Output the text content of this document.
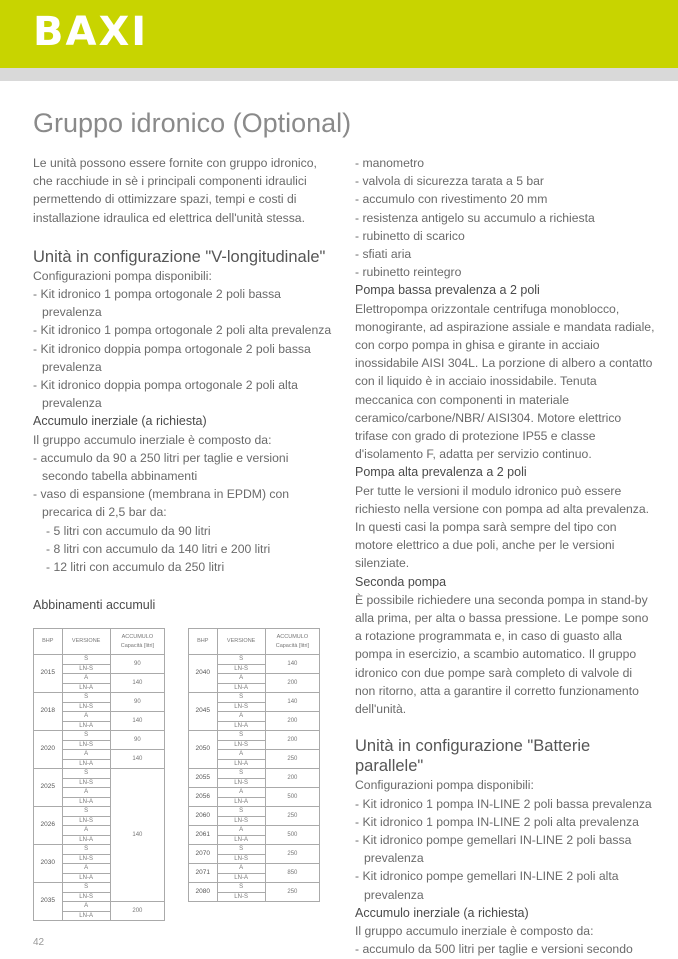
BAXI
Gruppo idronico (Optional)

Le unità possono essere fornite con gruppo idronico, che racchiude in sè i principali componenti idraulici permettendo di ottimizzare spazi, tempi e costi di installazione idraulica ed elettrica dell'unità stessa.

Unità in configurazione "V-longitudinale"

Configurazioni pompa disponibili:

- Kit idronico 1 pompa ortogonale 2 poli bassa prevalenza

- Kit idronico 1 pompa ortogonale 2 poli alta prevalenza

- Kit idronico doppia pompa ortogonale 2 poli bassa prevalenza

- Kit idronico doppia pompa ortogonale 2 poli alta prevalenza

Accumulo inerziale (a richiesta)

Il gruppo accumulo inerziale è composto da:

- accumulo da 90 a 250 litri per taglie e versioni secondo tabella abbinamenti

- vaso di espansione (membrana in EPDM) con precarica di 2,5 bar da:

- 5 litri con accumulo da 90 litri

- 8 litri con accumulo da 140 litri e 200 litri

- 12 litri con accumulo da 250 litri

Abbinamenti accumuli

BHP	VERSIONE	ACCUMULO Capacità [litri]
2015	S	90
	LN-S	
	A	140
	LN-A	
2018	S	90
	LN-S	
	A	140
	LN-A	
2020	S	90
	LN-S	
	A	140
	LN-A	
2025	S	140
	LN-S	
	A	
	LN-A	
2026	S	
	LN-S	
	A	
	LN-A	
2030	S	
	LN-S	
	A	
	LN-A	
2035	S	
	LN-S	
	A	200
	LN-A	
BHP	VERSIONE	ACCUMULO Capacità [litri]
2040	S	140
	LN-S	
	A	200
	LN-A	
2045	S	140
	LN-S	
	A	200
	LN-A	
2050	S	200
	LN-S	
	A	250
	LN-A	
2055	S	200
	LN-S	
2056	A	500
	LN-A	
2060	S	250
	LN-S	
2061	A	500
	LN-A	
2070	S	250
	LN-S	
2071	A	850
	LN-A	
2080	S	250
	LN-S	

- manometro

- valvola di sicurezza tarata a 5 bar

- accumulo con rivestimento 20 mm

- resistenza antigelo su accumulo a richiesta

- rubinetto di scarico

- sfiati aria

- rubinetto reintegro

Pompa bassa prevalenza a 2 poli

Elettropompa orizzontale centrifuga monoblocco, monogirante, ad aspirazione assiale e mandata radiale, con corpo pompa in ghisa e girante in acciaio inossidabile AISI 304L. La porzione di albero a contatto con il liquido è in acciaio inossidabile. Tenuta meccanica con componenti in materiale ceramico/carbone/NBR/ AISI304. Motore elettrico trifase con grado di protezione IP55 e classe d'isolamento F, adatta per servizio continuo.

Pompa alta prevalenza a 2 poli

Per tutte le versioni il modulo idronico può essere richiesto nella versione con pompa ad alta prevalenza. In questi casi la pompa sarà sempre del tipo con motore elettrico a due poli, anche per le versioni silenziate.

Seconda pompa

È possibile richiedere una seconda pompa in stand-by alla prima, per alta o bassa pressione. Le pompe sono a rotazione programmata e, in caso di guasto alla pompa in esercizio, a scambio automatico. Il gruppo idronico con due pompe sarà completo di valvole di non ritorno, atta a garantire il corretto funzionamento dell'unità.

Unità in configurazione "Batterie parallele"

Configurazioni pompa disponibili:

- Kit idronico 1 pompa IN-LINE 2 poli bassa prevalenza

- Kit idronico 1 pompa IN-LINE 2 poli alta prevalenza

- Kit idronico pompe gemellari IN-LINE 2 poli bassa prevalenza

- Kit idronico pompe gemellari IN-LINE 2 poli alta prevalenza

Accumulo inerziale (a richiesta)

Il gruppo accumulo inerziale è composto da:

- accumulo da 500 litri per taglie e versioni secondo

42
